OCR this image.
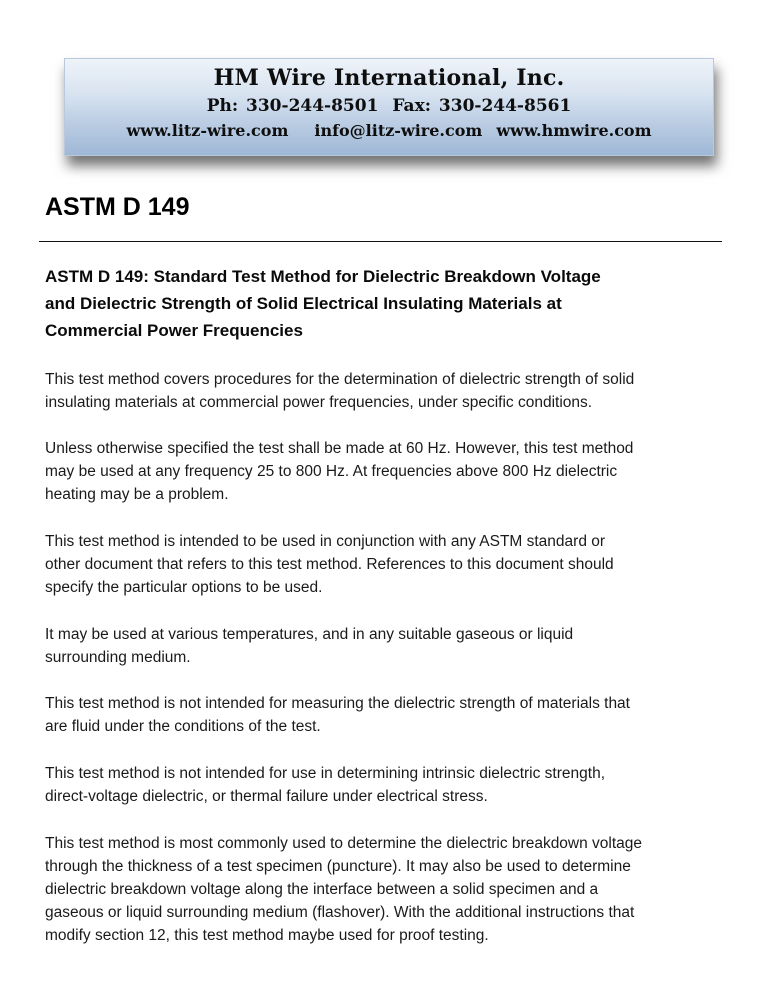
HM Wire International, Inc.
Ph: 330-244-8501 Fax: 330-244-8561
www.litz-wire.com info@litz-wire.com www.hmwire.com
ASTM D 149
ASTM D 149: Standard Test Method for Dielectric Breakdown Voltage
and Dielectric Strength of Solid Electrical Insulating Materials at
Commercial Power Frequencies

This test method covers procedures for the determination of dielectric strength of solid
insulating materials at commercial power frequencies, under specific conditions.

Unless otherwise specified the test shall be made at 60 Hz. However, this test method
may be used at any frequency 25 to 800 Hz. At frequencies above 800 Hz dielectric
heating may be a problem.

This test method is intended to be used in conjunction with any ASTM standard or
other document that refers to this test method. References to this document should
specify the particular options to be used.

It may be used at various temperatures, and in any suitable gaseous or liquid
surrounding medium.

This test method is not intended for measuring the dielectric strength of materials that
are fluid under the conditions of the test.

This test method is not intended for use in determining intrinsic dielectric strength,
direct-voltage dielectric, or thermal failure under electrical stress.

This test method is most commonly used to determine the dielectric breakdown voltage
through the thickness of a test specimen (puncture). It may also be used to determine
dielectric breakdown voltage along the interface between a solid specimen and a
gaseous or liquid surrounding medium (flashover). With the additional instructions that
modify section 12, this test method maybe used for proof testing.
